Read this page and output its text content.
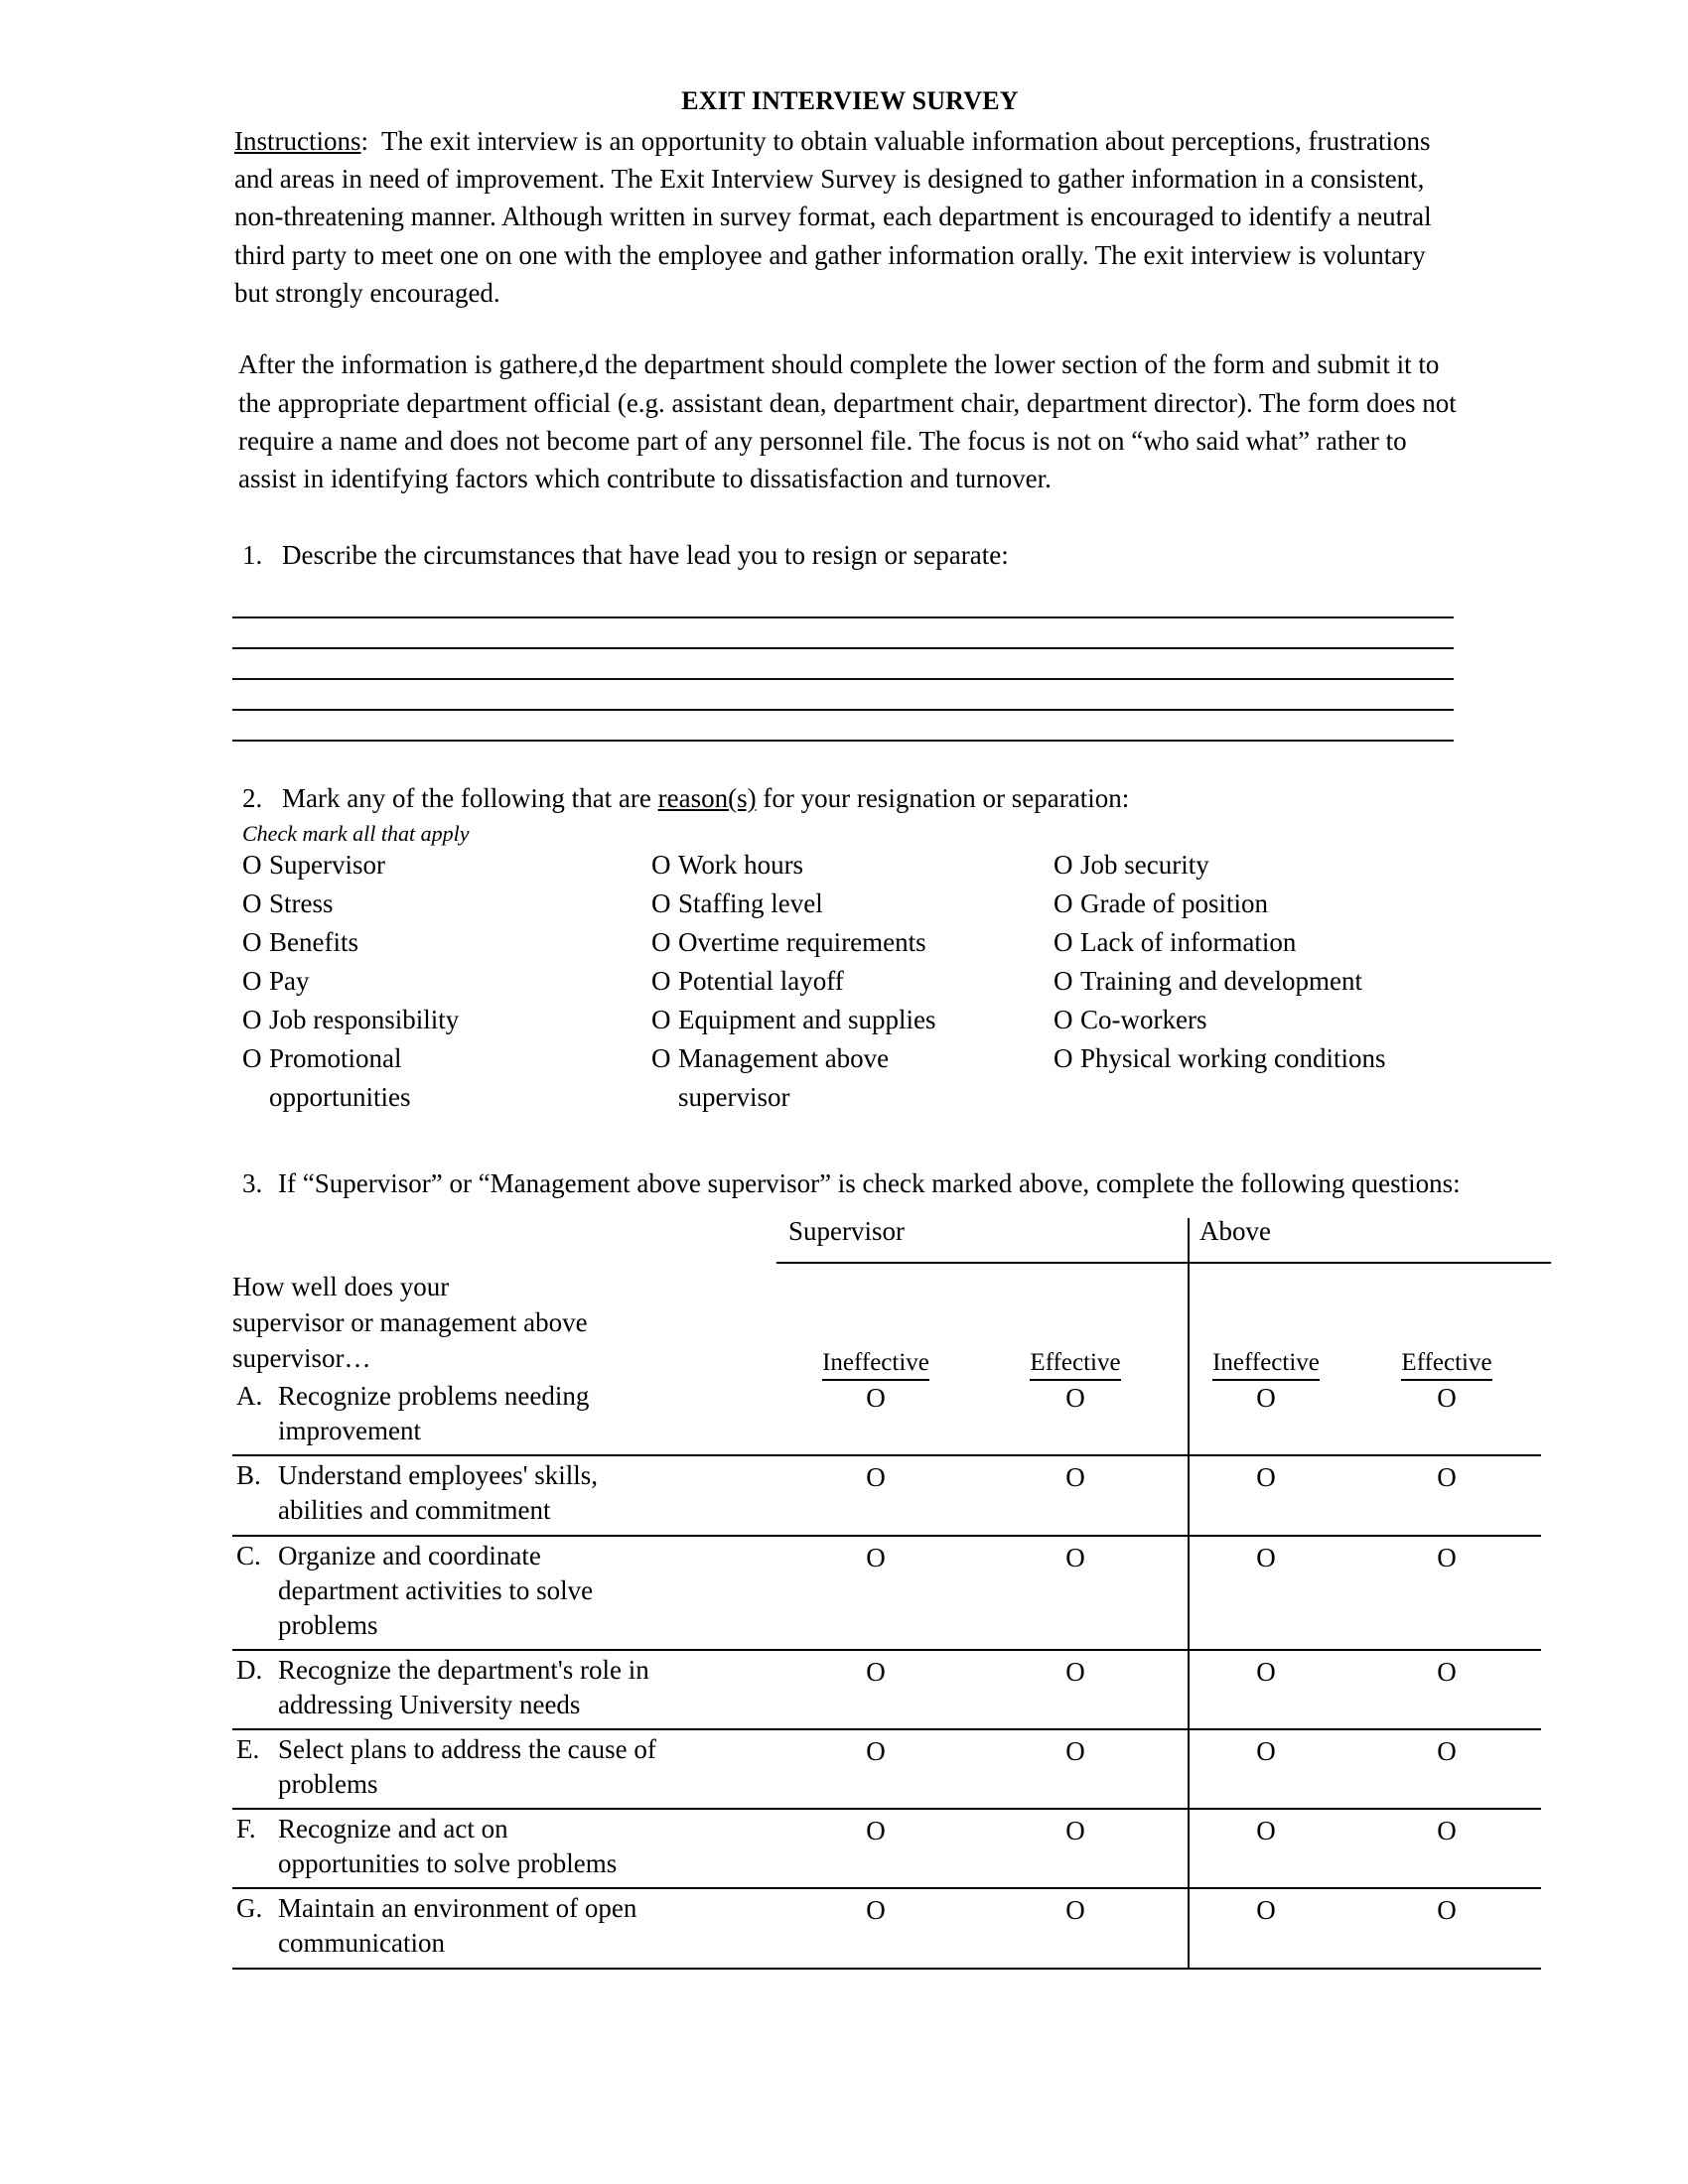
EXIT INTERVIEW SURVEY
Instructions: The exit interview is an opportunity to obtain valuable information about perceptions, frustrations and areas in need of improvement. The Exit Interview Survey is designed to gather information in a consistent, non-threatening manner. Although written in survey format, each department is encouraged to identify a neutral third party to meet one on one with the employee and gather information orally. The exit interview is voluntary but strongly encouraged.
After the information is gathere,d the department should complete the lower section of the form and submit it to the appropriate department official (e.g. assistant dean, department chair, department director). The form does not require a name and does not become part of any personnel file. The focus is not on “who said what” rather to assist in identifying factors which contribute to dissatisfaction and turnover.
1. Describe the circumstances that have lead you to resign or separate:
2. Mark any of the following that are reason(s) for your resignation or separation:
Check mark all that apply
O Supervisor
O Stress
O Benefits
O Pay
O Job responsibility
O Promotional
opportunities
O Work hours
O Staffing level
O Overtime requirements
O Potential layoff
O Equipment and supplies
O Management above
supervisor
O Job security
O Grade of position
O Lack of information
O Training and development
O Co-workers
O Physical working conditions
3. If “Supervisor” or “Management above supervisor” is check marked above, complete the following questions:
Supervisor	Above
How well does your
supervisor or management above
supervisor…	Ineffective	Effective	Ineffective	Effective
A. Recognize problems needing
improvement
O	O	O	O
B. Understand employees' skills,
abilities and commitment
O	O	O	O
C. Organize and coordinate
department activities to solve
problems
O	O	O	O
D. Recognize the department's role in
addressing University needs
O	O	O	O
E. Select plans to address the cause of
problems
O	O	O	O
F. Recognize and act on
opportunities to solve problems
O	O	O	O
G. Maintain an environment of open
communication
O	O	O	O
